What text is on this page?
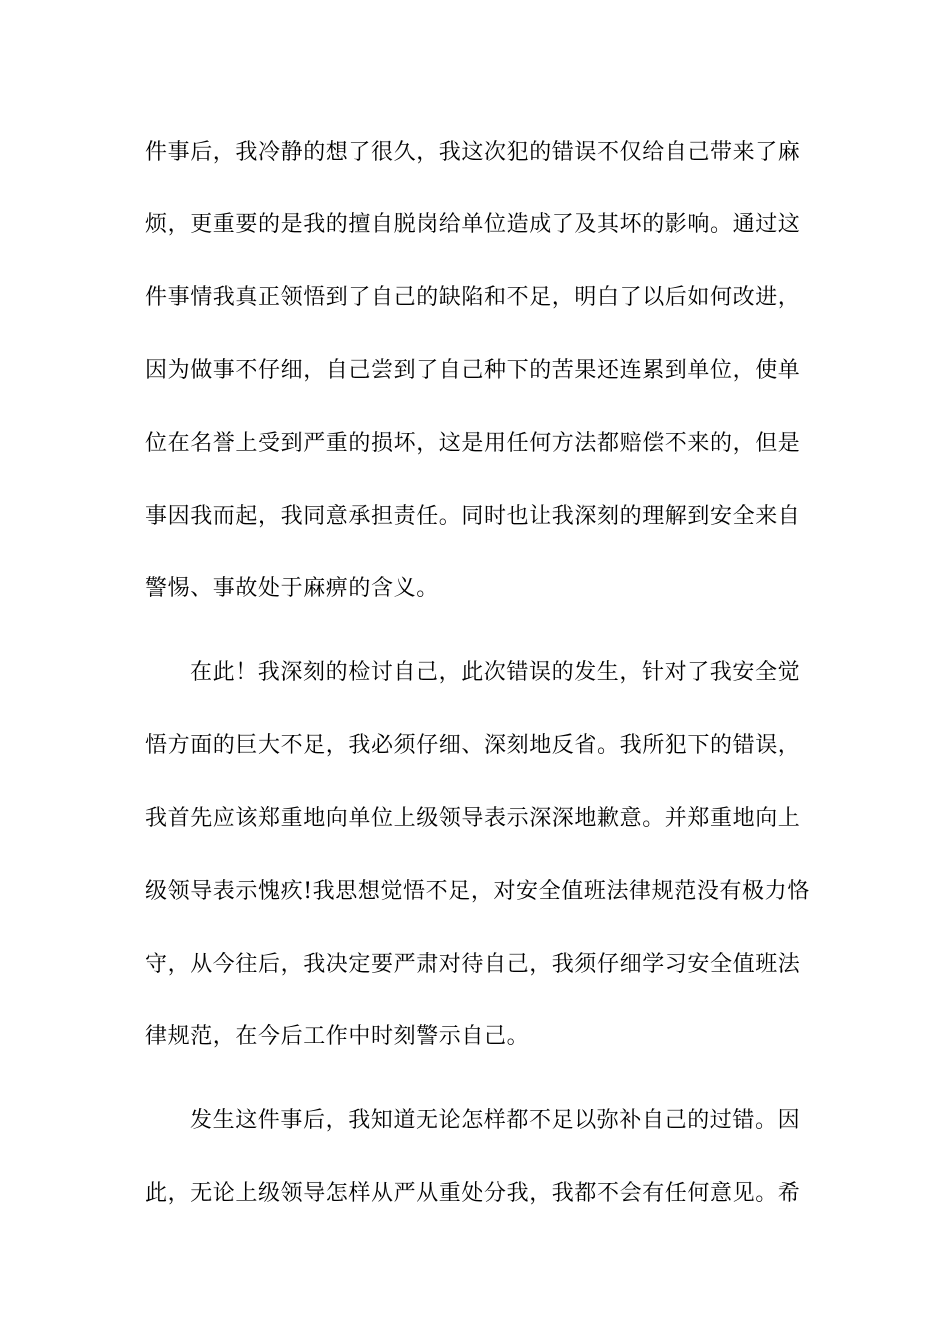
件事后，我冷静的想了很久，我这次犯的错误不仅给自己带来了麻
烦，更重要的是我的擅自脱岗给单位造成了及其坏的影响。通过这
件事情我真正领悟到了自己的缺陷和不足，明白了以后如何改进，
因为做事不仔细，自己尝到了自己种下的苦果还连累到单位，使单
位在名誉上受到严重的损坏，这是用任何方法都赔偿不来的，但是
事因我而起，我同意承担责任。同时也让我深刻的理解到安全来自
警惕、事故处于麻痹的含义。
在此！我深刻的检讨自己，此次错误的发生，针对了我安全觉
悟方面的巨大不足，我必须仔细、深刻地反省。我所犯下的错误，
我首先应该郑重地向单位上级领导表示深深地歉意。并郑重地向上
级领导表示愧疚!我思想觉悟不足，对安全值班法律规范没有极力恪
守，从今往后，我决定要严肃对待自己，我须仔细学习安全值班法
律规范，在今后工作中时刻警示自己。
发生这件事后，我知道无论怎样都不足以弥补自己的过错。因
此，无论上级领导怎样从严从重处分我，我都不会有任何意见。希
